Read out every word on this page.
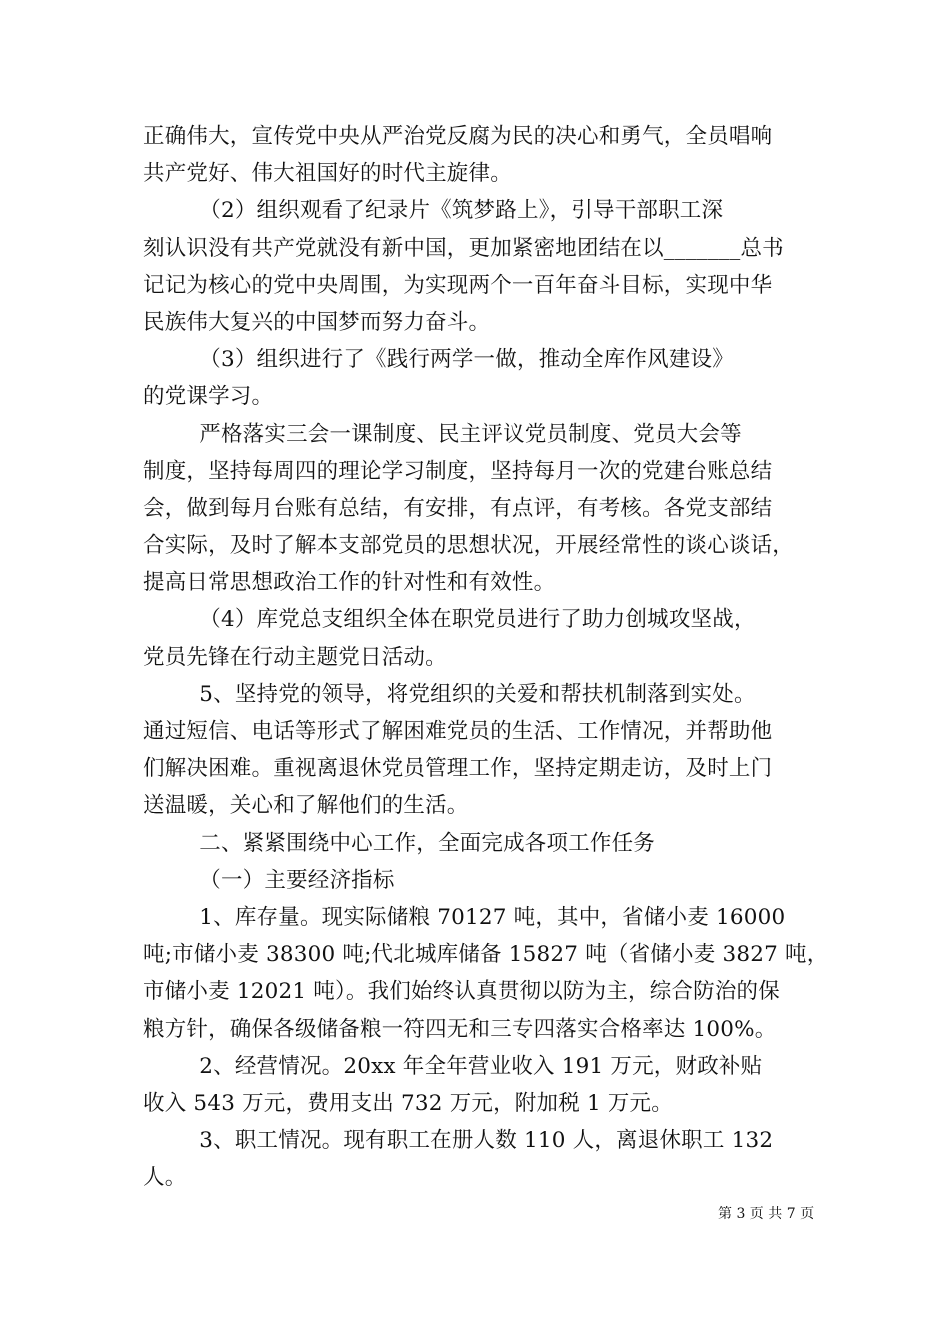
正确伟大，宣传党中央从严治党反腐为民的决心和勇气，全员唱响
共产党好、伟大祖国好的时代主旋律。
（2）组织观看了纪录片《筑梦路上》，引导干部职工深
刻认识没有共产党就没有新中国，更加紧密地团结在以_______总书
记记为核心的党中央周围，为实现两个一百年奋斗目标，实现中华
民族伟大复兴的中国梦而努力奋斗。
（3）组织进行了《践行两学一做，推动全库作风建设》
的党课学习。
严格落实三会一课制度、民主评议党员制度、党员大会等
制度，坚持每周四的理论学习制度，坚持每月一次的党建台账总结
会，做到每月台账有总结，有安排，有点评，有考核。各党支部结
合实际，及时了解本支部党员的思想状况，开展经常性的谈心谈话，
提高日常思想政治工作的针对性和有效性。
（4）库党总支组织全体在职党员进行了助力创城攻坚战，
党员先锋在行动主题党日活动。
5、坚持党的领导，将党组织的关爱和帮扶机制落到实处。
通过短信、电话等形式了解困难党员的生活、工作情况，并帮助他
们解决困难。重视离退休党员管理工作，坚持定期走访，及时上门
送温暖，关心和了解他们的生活。
二、紧紧围绕中心工作，全面完成各项工作任务
（一）主要经济指标
1、库存量。现实际储粮 70127 吨，其中，省储小麦 16000
吨;市储小麦 38300 吨;代北城库储备 15827 吨（省储小麦 3827 吨，
市储小麦 12021 吨）。我们始终认真贯彻以防为主，综合防治的保
粮方针，确保各级储备粮一符四无和三专四落实合格率达 100%。
2、经营情况。20xx 年全年营业收入 191 万元，财政补贴
收入 543 万元，费用支出 732 万元，附加税 1 万元。
3、职工情况。现有职工在册人数 110 人，离退休职工 132
人。
第 3 页 共 7 页
